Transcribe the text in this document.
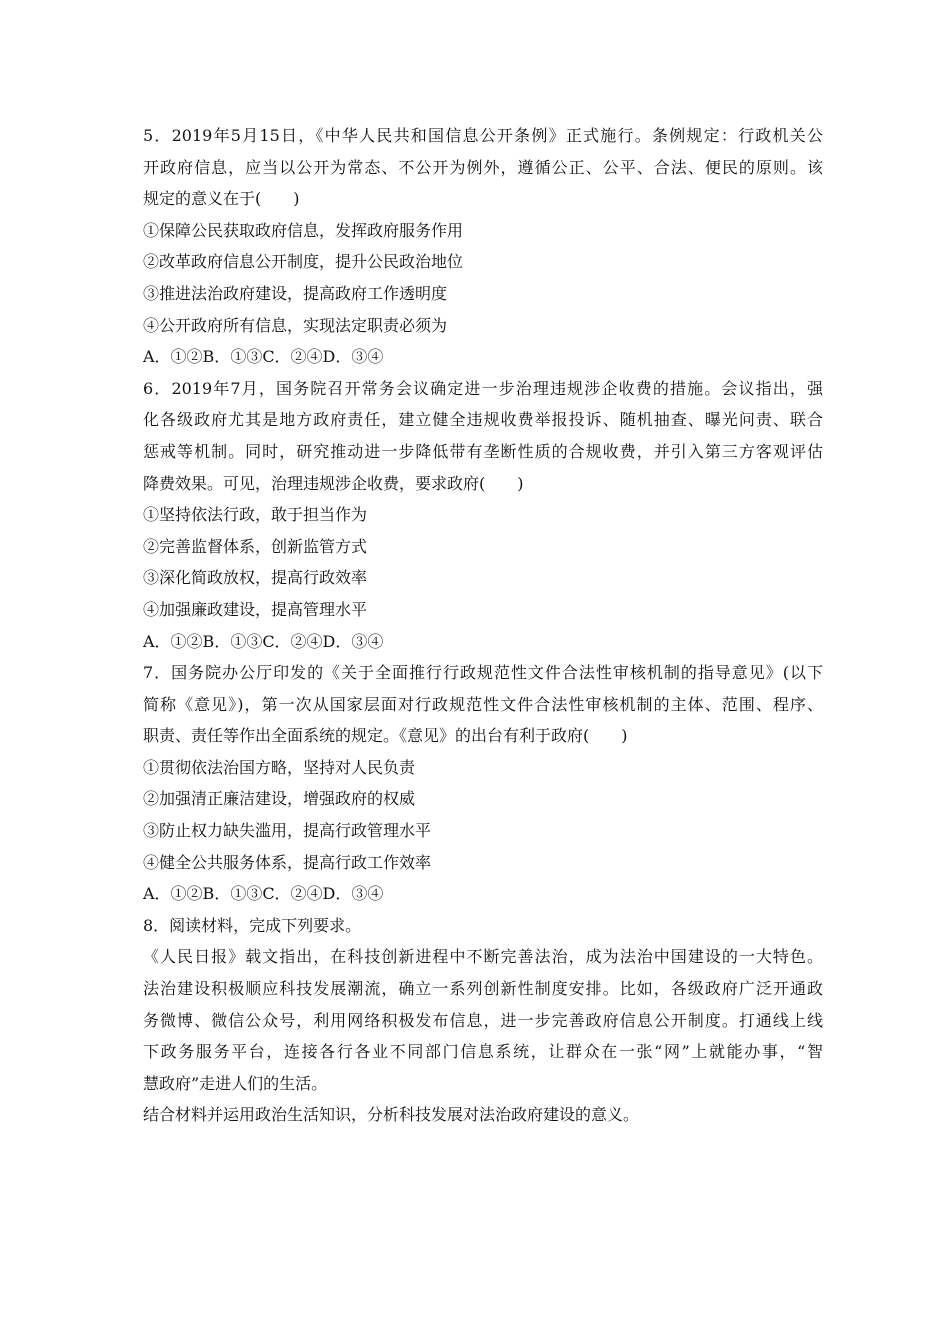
5．2019年5月15日，《中华人民共和国信息公开条例》正式施行。条例规定：行政机关公
开政府信息，应当以公开为常态、不公开为例外，遵循公正、公平、合法、便民的原则。该
规定的意义在于(　　)
①保障公民获取政府信息，发挥政府服务作用
②改革政府信息公开制度，提升公民政治地位
③推进法治政府建设，提高政府工作透明度
④公开政府所有信息，实现法定职责必须为
A．①②B．①③C．②④D．③④
6．2019年7月，国务院召开常务会议确定进一步治理违规涉企收费的措施。会议指出，强
化各级政府尤其是地方政府责任，建立健全违规收费举报投诉、随机抽查、曝光问责、联合
惩戒等机制。同时，研究推动进一步降低带有垄断性质的合规收费，并引入第三方客观评估
降费效果。可见，治理违规涉企收费，要求政府(　　)
①坚持依法行政，敢于担当作为
②完善监督体系，创新监管方式
③深化简政放权，提高行政效率
④加强廉政建设，提高管理水平
A．①②B．①③C．②④D．③④
7．国务院办公厅印发的《关于全面推行行政规范性文件合法性审核机制的指导意见》(以下
简称《意见》)，第一次从国家层面对行政规范性文件合法性审核机制的主体、范围、程序、
职责、责任等作出全面系统的规定。《意见》的出台有利于政府(　　)
①贯彻依法治国方略，坚持对人民负责
②加强清正廉洁建设，增强政府的权威
③防止权力缺失滥用，提高行政管理水平
④健全公共服务体系，提高行政工作效率
A．①②B．①③C．②④D．③④
8．阅读材料，完成下列要求。
《人民日报》载文指出，在科技创新进程中不断完善法治，成为法治中国建设的一大特色。
法治建设积极顺应科技发展潮流，确立一系列创新性制度安排。比如，各级政府广泛开通政
务微博、微信公众号，利用网络积极发布信息，进一步完善政府信息公开制度。打通线上线
下政务服务平台，连接各行各业不同部门信息系统，让群众在一张“网”上就能办事，“智
慧政府”走进人们的生活。
结合材料并运用政治生活知识，分析科技发展对法治政府建设的意义。
